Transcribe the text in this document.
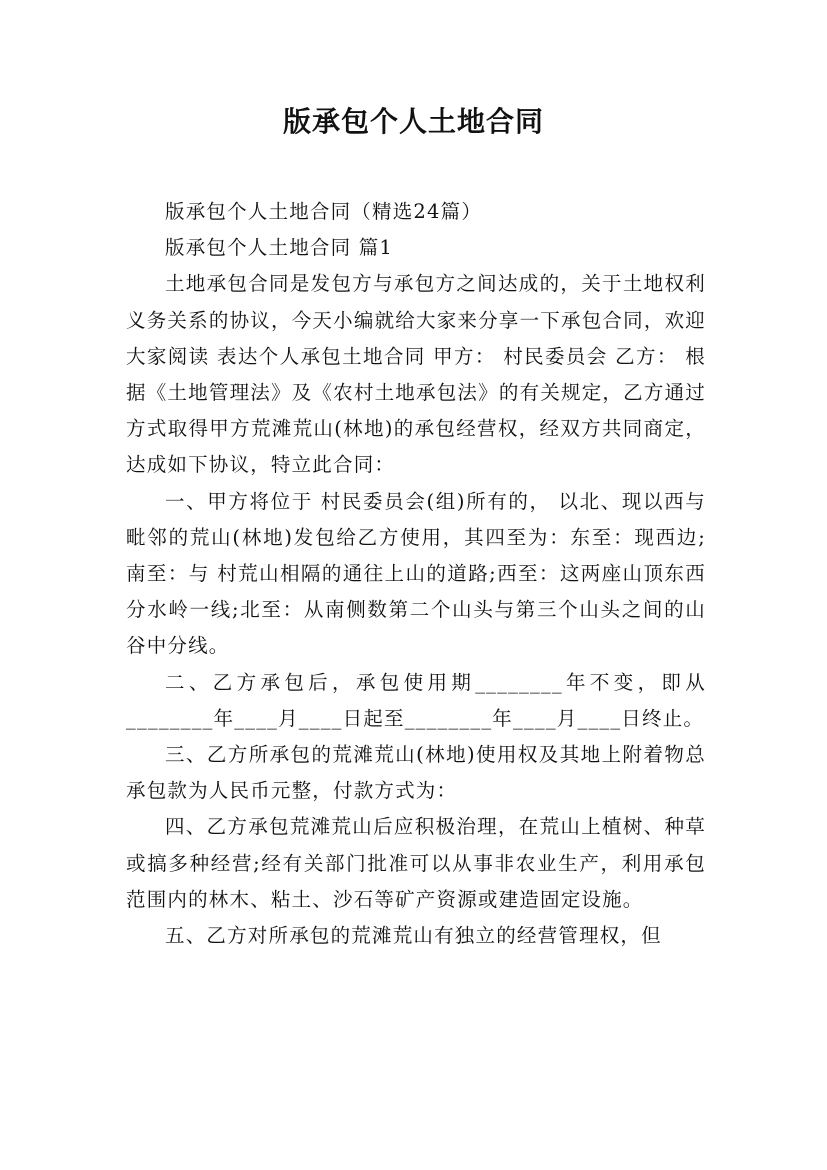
版承包个人土地合同

版承包个人土地合同（精选24篇）

版承包个人土地合同 篇1

土地承包合同是发包方与承包方之间达成的，关于土地权利义务关系的协议，今天小编就给大家来分享一下承包合同，欢迎大家阅读 表达个人承包土地合同 甲方： 村民委员会 乙方： 根据《土地管理法》及《农村土地承包法》的有关规定，乙方通过 方式取得甲方荒滩荒山(林地)的承包经营权，经双方共同商定，达成如下协议，特立此合同：

一、甲方将位于 村民委员会(组)所有的， 以北、现以西与 毗邻的荒山(林地)发包给乙方使用，其四至为：东至：现西边;南至：与 村荒山相隔的通往上山的道路;西至：这两座山顶东西分水岭一线;北至：从南侧数第二个山头与第三个山头之间的山谷中分线。

二、乙方承包后，承包使用期________年不变，即从________年____月____日起至________年____月____日终止。

三、乙方所承包的荒滩荒山(林地)使用权及其地上附着物总承包款为人民币元整，付款方式为：

四、乙方承包荒滩荒山后应积极治理，在荒山上植树、种草或搞多种经营;经有关部门批准可以从事非农业生产，利用承包范围内的林木、粘土、沙石等矿产资源或建造固定设施。

五、乙方对所承包的荒滩荒山有独立的经营管理权，但
